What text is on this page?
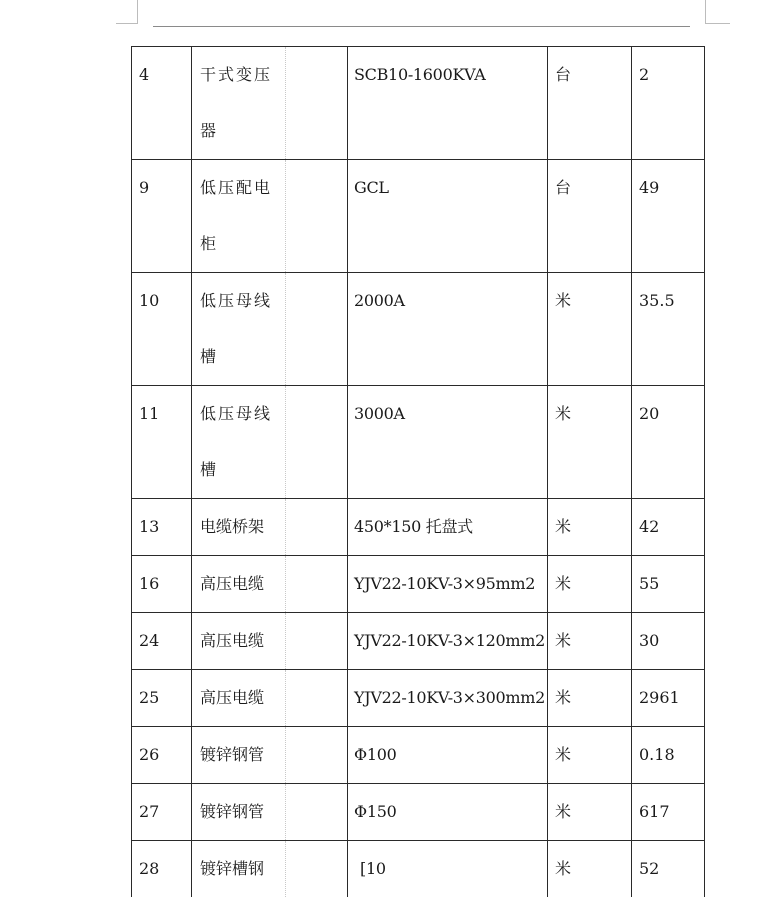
4	干式变压器	SCB10-1600KVA	台	2

9	低压配电柜	GCL	台	49

10	低压母线槽	2000A	米	35.5

11	低压母线槽	3000A	米	20

13	电缆桥架	450*150 托盘式	米	42

16	高压电缆	YJV22-10KV-3×95mm2	米	55

24	高压电缆	YJV22-10KV-3×120mm2	米	30

25	高压电缆	YJV22-10KV-3×300mm2	米	2961

26	镀锌钢管	Φ100	米	0.18

27	镀锌钢管	Φ150	米	617

28	镀锌槽钢	[10	米	52
